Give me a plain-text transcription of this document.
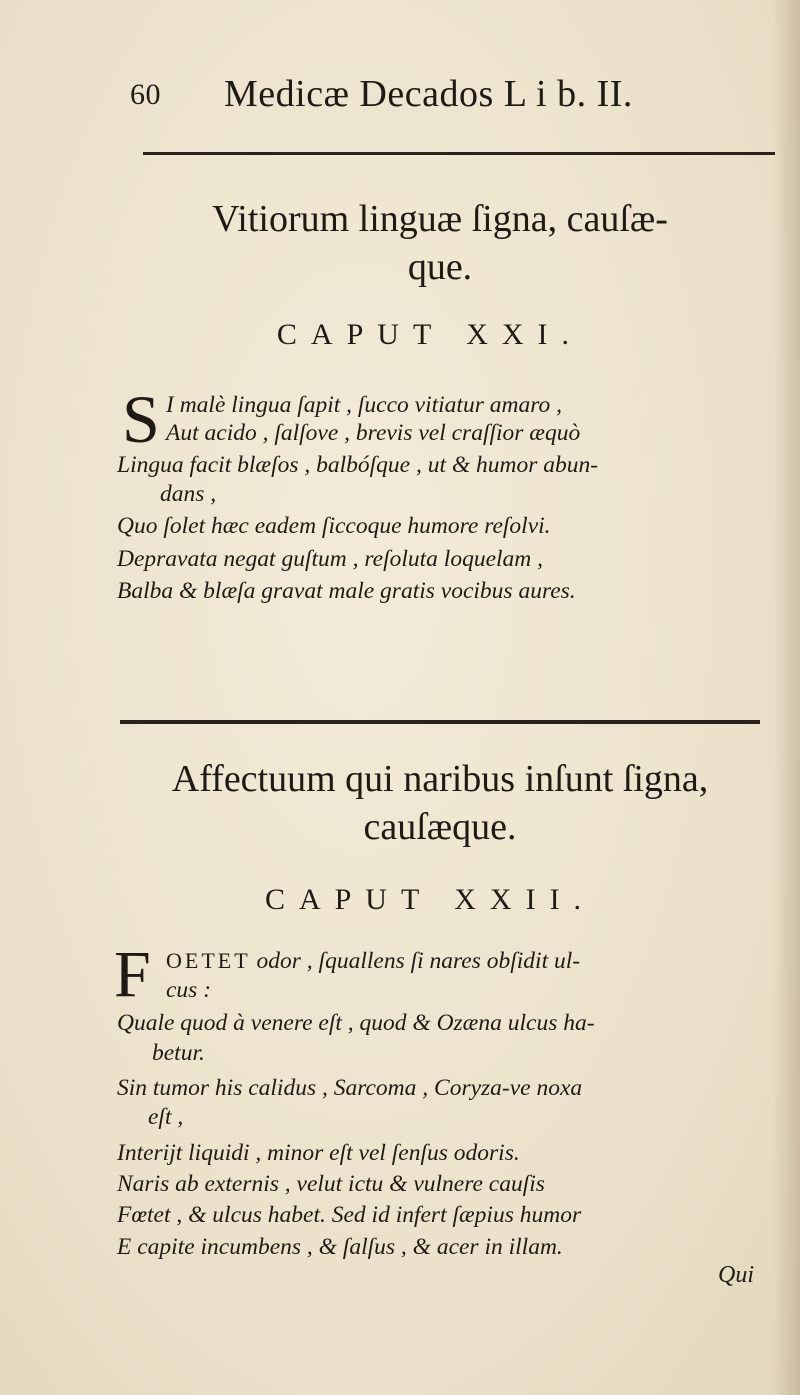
60 Medicæ Decados L i b. II.
Vitiorum linguæ ſigna, cauſæ-
que.
CAPUT XXI.
S I malè lingua ſapit , ſucco vitiatur amaro ,
Aut acido , ſalſove , brevis vel craſſior æquò
Lingua facit blæſos , balbóſque , ut & humor abun-
dans ,
Quo ſolet hæc eadem ſiccoque humore reſolvi.
Depravata negat guſtum , reſoluta loquelam ,
Balba & blæſa gravat male gratis vocibus aures.
Affectuum qui naribus inſunt ſigna,
cauſæque.
CAPUT XXII.
F OETET odor , ſquallens ſi nares obſidit ul-
cus :
Quale quod à venere eſt , quod & Ozæna ulcus ha-
betur.
Sin tumor his calidus , Sarcoma , Coryza-ve noxa
eſt ,
Interijt liquidi , minor eſt vel ſenſus odoris.
Naris ab externis , velut ictu & vulnere cauſis
Fœtet , & ulcus habet. Sed id infert ſæpius humor
E capite incumbens , & ſalſus , & acer in illam.
Qui
